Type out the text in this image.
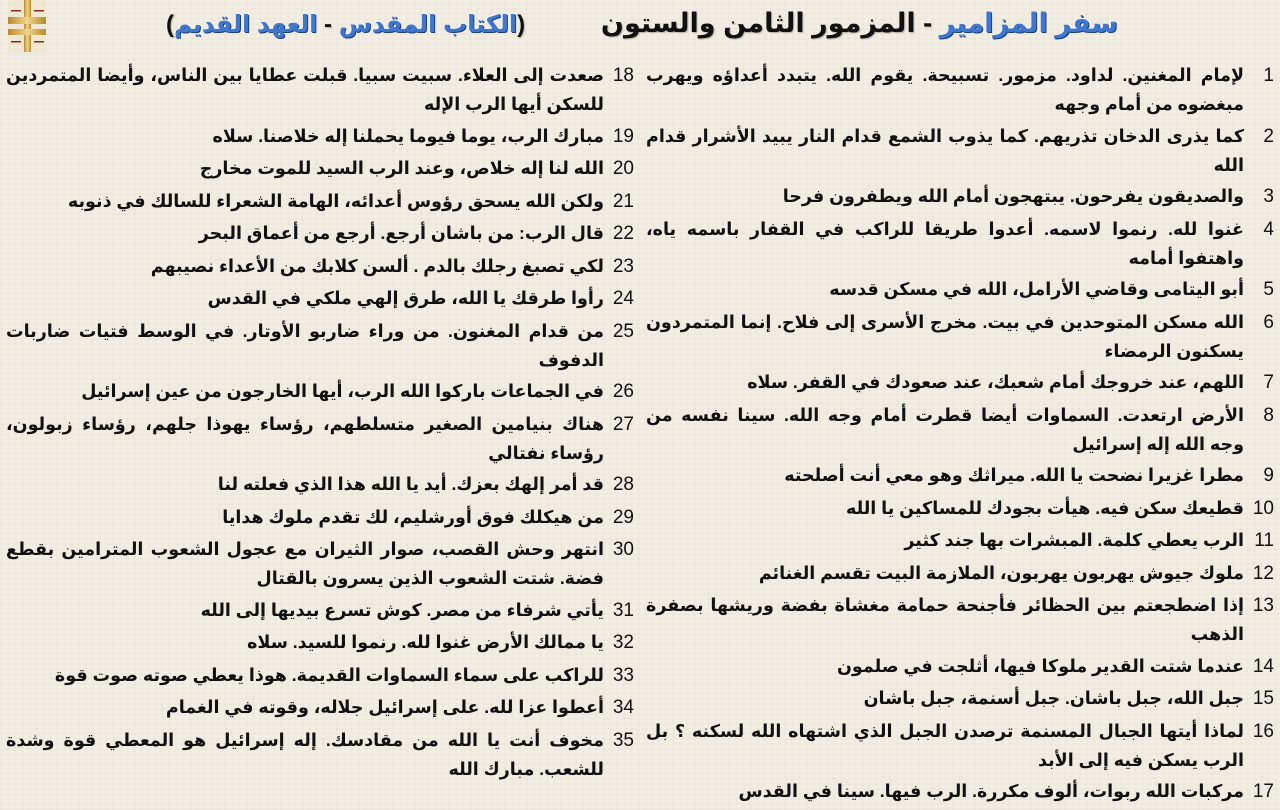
سفر المزامير - المزمور الثامن والستون
(الكتاب المقدس - العهد القديم)
1لإمام المغنين. لداود. مزمور. تسبيحة. يقوم الله. يتبدد أعداؤه ويهرب مبغضوه من أمام وجهه
2كما يذرى الدخان تذريهم. كما يذوب الشمع قدام النار يبيد الأشرار قدام الله
3والصديقون يفرحون. يبتهجون أمام الله ويطفرون فرحا
4غنوا لله. رنموا لاسمه. أعدوا طريقا للراكب في القفار باسمه ياه، واهتفوا أمامه
5أبو اليتامى وقاضي الأرامل، الله في مسكن قدسه
6الله مسكن المتوحدين في بيت. مخرج الأسرى إلى فلاح. إنما المتمردون يسكنون الرمضاء
7اللهم، عند خروجك أمام شعبك، عند صعودك في القفر. سلاه
8الأرض ارتعدت. السماوات أيضا قطرت أمام وجه الله. سينا نفسه من وجه الله إله إسرائيل
9مطرا غزيرا نضحت يا الله. ميراثك وهو معي أنت أصلحته
10قطيعك سكن فيه. هيأت بجودك للمساكين يا الله
11الرب يعطي كلمة. المبشرات بها جند كثير
12ملوك جيوش يهربون يهربون، الملازمة البيت تقسم الغنائم
13إذا اضطجعتم بين الحظائر فأجنحة حمامة مغشاة بفضة وريشها بصفرة الذهب
14عندما شتت القدير ملوكا فيها، أثلجت في صلمون
15جبل الله، جبل باشان. جبل أسنمة، جبل باشان
16لماذا أيتها الجبال المسنمة ترصدن الجبل الذي اشتهاه الله لسكنه ؟ بل الرب يسكن فيه إلى الأبد
17مركبات الله ربوات، ألوف مكررة. الرب فيها. سينا في القدس
18صعدت إلى العلاء. سبيت سبيا. قبلت عطايا بين الناس، وأيضا المتمردين للسكن أيها الرب الإله
19مبارك الرب، يوما فيوما يحملنا إله خلاصنا. سلاه
20الله لنا إله خلاص، وعند الرب السيد للموت مخارج
21ولكن الله يسحق رؤوس أعدائه، الهامة الشعراء للسالك في ذنوبه
22قال الرب: من باشان أرجع. أرجع من أعماق البحر
23لكي تصبغ رجلك بالدم . ألسن كلابك من الأعداء نصيبهم
24رأوا طرقك يا الله، طرق إلهي ملكي في القدس
25من قدام المغنون. من وراء ضاربو الأوتار. في الوسط فتيات ضاربات الدفوف
26في الجماعات باركوا الله الرب، أيها الخارجون من عين إسرائيل
27هناك بنيامين الصغير متسلطهم، رؤساء يهوذا جلهم، رؤساء زبولون، رؤساء نفتالي
28قد أمر إلهك بعزك. أيد يا الله هذا الذي فعلته لنا
29من هيكلك فوق أورشليم، لك تقدم ملوك هدايا
30انتهر وحش القصب، صوار الثيران مع عجول الشعوب المترامين بقطع فضة. شتت الشعوب الذين يسرون بالقتال
31يأتي شرفاء من مصر. كوش تسرع بيديها إلى الله
32يا ممالك الأرض غنوا لله. رنموا للسيد. سلاه
33للراكب على سماء السماوات القديمة. هوذا يعطي صوته صوت قوة
34أعطوا عزا لله. على إسرائيل جلاله، وقوته في الغمام
35مخوف أنت يا الله من مقادسك. إله إسرائيل هو المعطي قوة وشدة للشعب. مبارك الله
